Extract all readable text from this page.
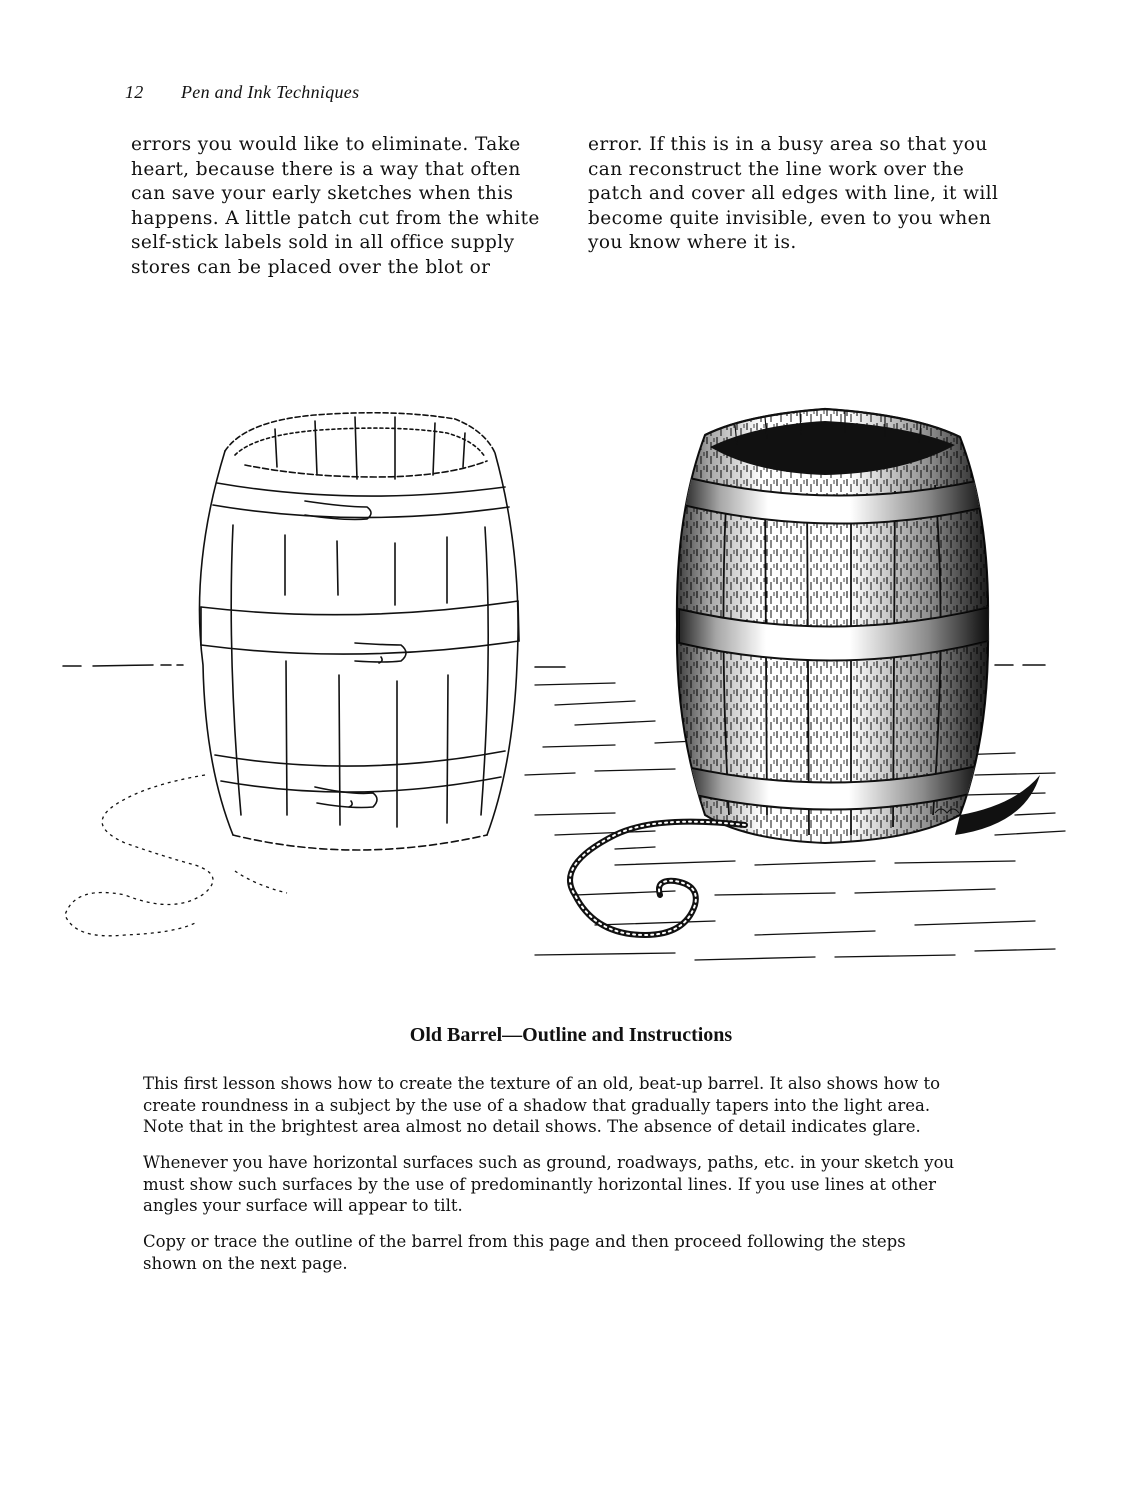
12 Pen and Ink Techniques
errors you would like to eliminate. Take
heart, because there is a way that often
can save your early sketches when this
happens. A little patch cut from the white
self-stick labels sold in all office supply
stores can be placed over the blot or
error. If this is in a busy area so that you
can reconstruct the line work over the
patch and cover all edges with line, it will
become quite invisible, even to you when
you know where it is.
Old Barrel—Outline and Instructions
This first lesson shows how to create the texture of an old, beat-up barrel. It also shows how to
create roundness in a subject by the use of a shadow that gradually tapers into the light area.
Note that in the brightest area almost no detail shows. The absence of detail indicates glare.
Whenever you have horizontal surfaces such as ground, roadways, paths, etc. in your sketch you
must show such surfaces by the use of predominantly horizontal lines. If you use lines at other
angles your surface will appear to tilt.
Copy or trace the outline of the barrel from this page and then proceed following the steps
shown on the next page.
